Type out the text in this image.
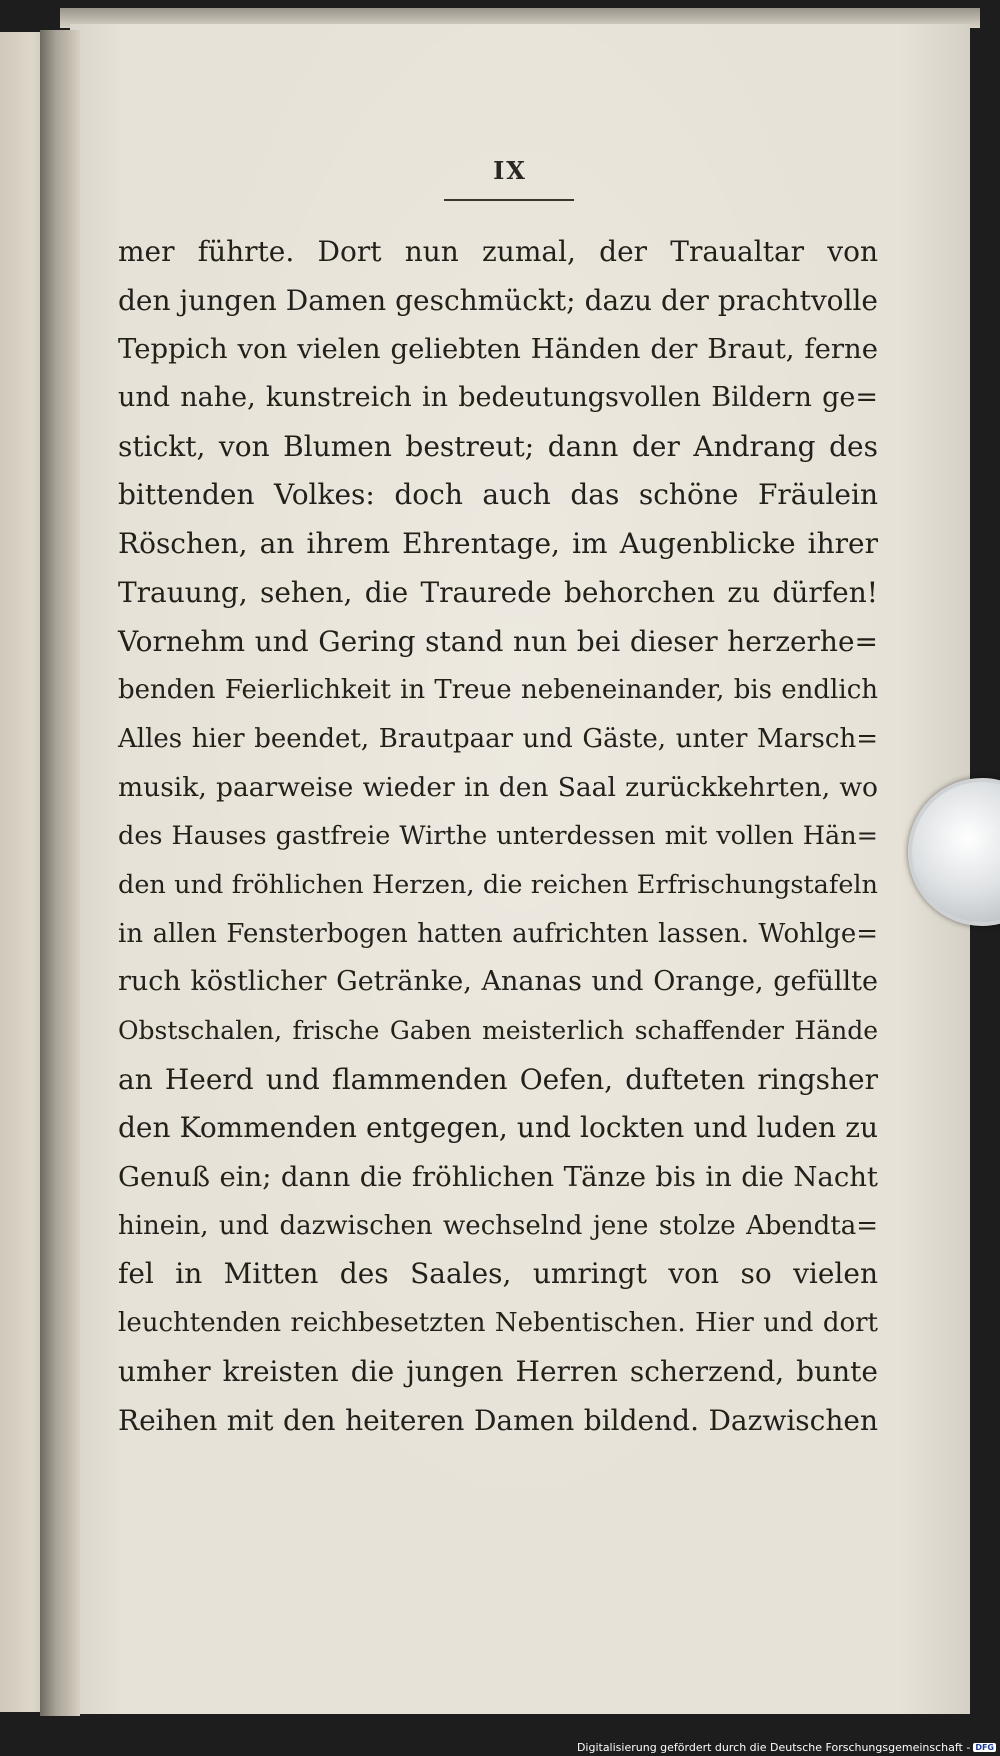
IX
mer führte. Dort nun zumal, der Traualtar von
den jungen Damen geschmückt; dazu der prachtvolle
Teppich von vielen geliebten Händen der Braut, ferne
und nahe, kunstreich in bedeutungsvollen Bildern ge=
stickt, von Blumen bestreut; dann der Andrang des
bittenden Volkes: doch auch das schöne Fräulein
Röschen, an ihrem Ehrentage, im Augenblicke ihrer
Trauung, sehen, die Traurede behorchen zu dürfen!
Vornehm und Gering stand nun bei dieser herzerhe=
benden Feierlichkeit in Treue nebeneinander, bis endlich
Alles hier beendet, Brautpaar und Gäste, unter Marsch=
musik, paarweise wieder in den Saal zurückkehrten, wo
des Hauses gastfreie Wirthe unterdessen mit vollen Hän=
den und fröhlichen Herzen, die reichen Erfrischungstafeln
in allen Fensterbogen hatten aufrichten lassen. Wohlge=
ruch köstlicher Getränke, Ananas und Orange, gefüllte
Obstschalen, frische Gaben meisterlich schaffender Hände
an Heerd und flammenden Oefen, dufteten ringsher
den Kommenden entgegen, und lockten und luden zu
Genuß ein; dann die fröhlichen Tänze bis in die Nacht
hinein, und dazwischen wechselnd jene stolze Abendta=
fel in Mitten des Saales, umringt von so vielen
leuchtenden reichbesetzten Nebentischen. Hier und dort
umher kreisten die jungen Herren scherzend, bunte
Reihen mit den heiteren Damen bildend. Dazwischen
Digitalisierung gefördert durch die Deutsche Forschungsgemeinschaft - DFG
